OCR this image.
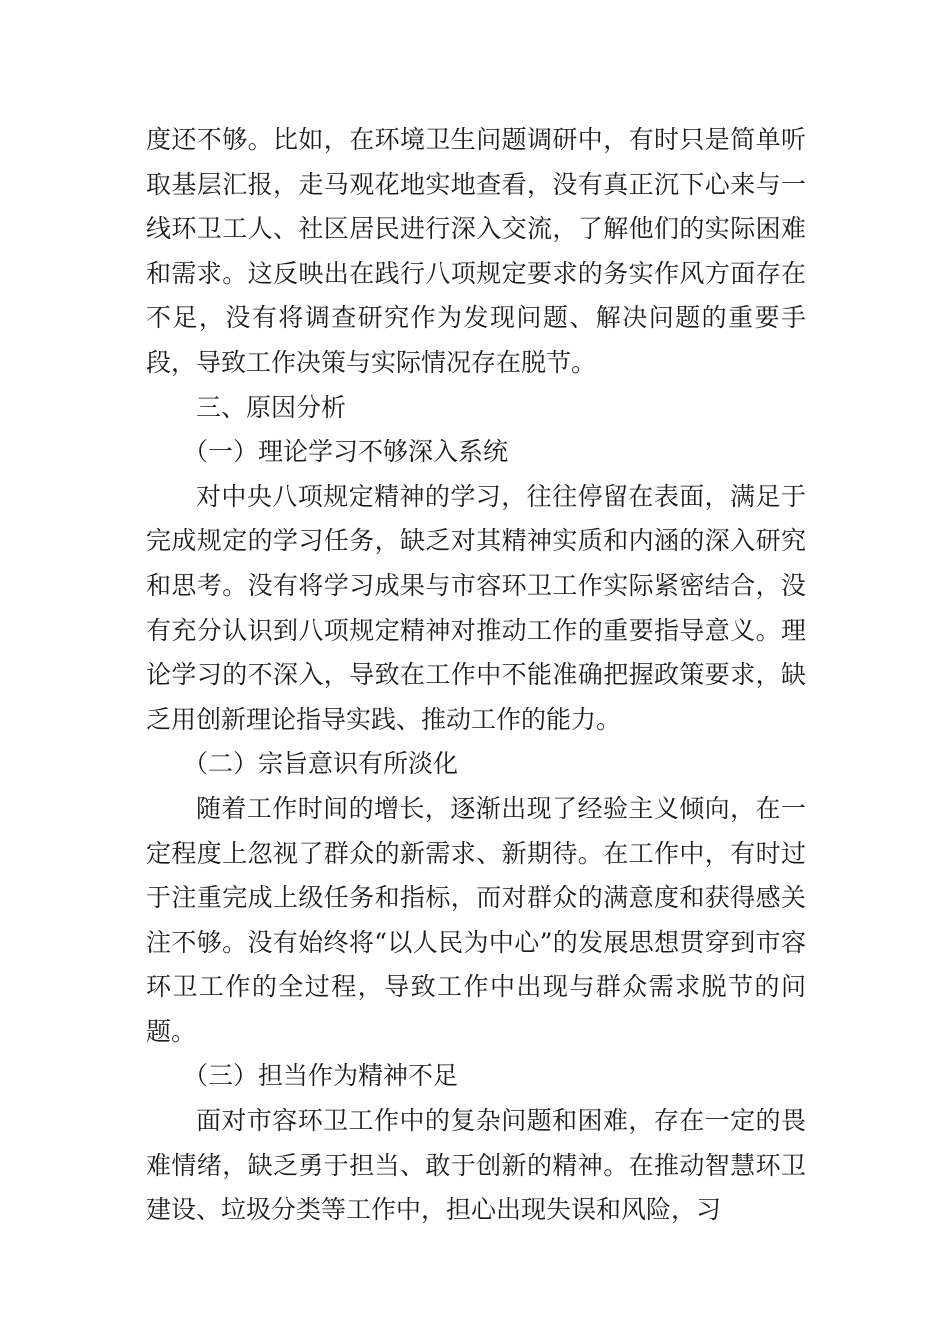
度还不够。比如，在环境卫生问题调研中，有时只是简单听取基层汇报，走马观花地实地查看，没有真正沉下心来与一线环卫工人、社区居民进行深入交流，了解他们的实际困难和需求。这反映出在践行八项规定要求的务实作风方面存在不足，没有将调查研究作为发现问题、解决问题的重要手段，导致工作决策与实际情况存在脱节。

三、原因分析

（一）理论学习不够深入系统

对中央八项规定精神的学习，往往停留在表面，满足于完成规定的学习任务，缺乏对其精神实质和内涵的深入研究和思考。没有将学习成果与市容环卫工作实际紧密结合，没有充分认识到八项规定精神对推动工作的重要指导意义。理论学习的不深入，导致在工作中不能准确把握政策要求，缺乏用创新理论指导实践、推动工作的能力。

（二）宗旨意识有所淡化

随着工作时间的增长，逐渐出现了经验主义倾向，在一定程度上忽视了群众的新需求、新期待。在工作中，有时过于注重完成上级任务和指标，而对群众的满意度和获得感关注不够。没有始终将“以人民为中心”的发展思想贯穿到市容环卫工作的全过程，导致工作中出现与群众需求脱节的问题。

（三）担当作为精神不足

面对市容环卫工作中的复杂问题和困难，存在一定的畏难情绪，缺乏勇于担当、敢于创新的精神。在推动智慧环卫建设、垃圾分类等工作中，担心出现失误和风险，习
